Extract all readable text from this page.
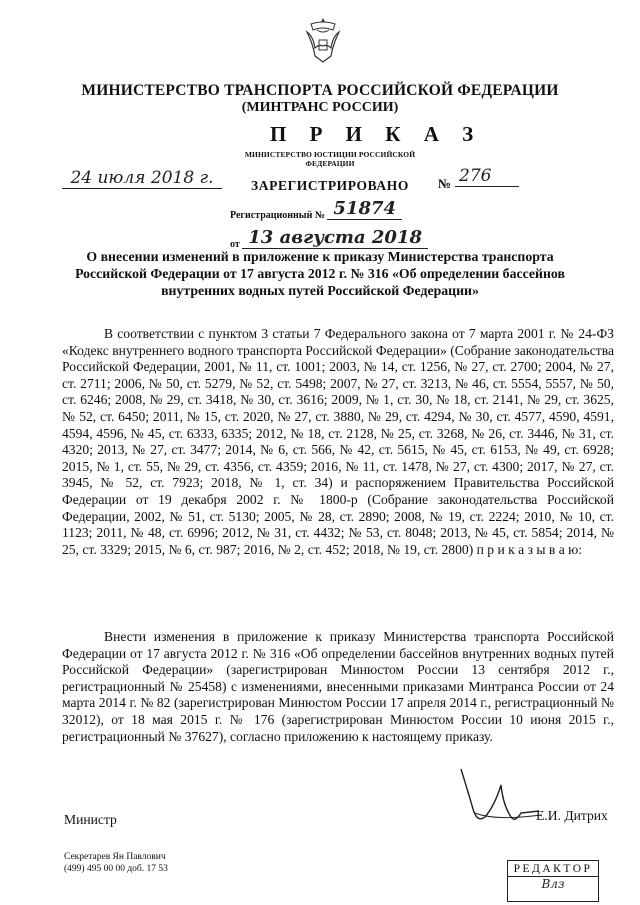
МИНИСТЕРСТВО ТРАНСПОРТА РОССИЙСКОЙ ФЕДЕРАЦИИ
(МИНТРАНС РОССИИ)
П Р И К А З
МИНИСТЕРСТВО ЮСТИЦИИ РОССИЙСКОЙ ФЕДЕРАЦИИ
ЗАРЕГИСТРИРОВАНО
Регистрационный № 51874
от 13 августа 2018
24 июля 2018 г.	№ 276
О внесении изменений в приложение к приказу Министерства транспорта Российской Федерации от 17 августа 2012 г. № 316 «Об определении бассейнов внутренних водных путей Российской Федерации»
В соответствии с пунктом 3 статьи 7 Федерального закона от 7 марта 2001 г. № 24-ФЗ «Кодекс внутреннего водного транспорта Российской Федерации» (Собрание законодательства Российской Федерации, 2001, № 11, ст. 1001; 2003, № 14, ст. 1256, № 27, ст. 2700; 2004, № 27, ст. 2711; 2006, № 50, ст. 5279, № 52, ст. 5498; 2007, № 27, ст. 3213, № 46, ст. 5554, 5557, № 50, ст. 6246; 2008, № 29, ст. 3418, № 30, ст. 3616; 2009, № 1, ст. 30, № 18, ст. 2141, № 29, ст. 3625, № 52, ст. 6450; 2011, № 15, ст. 2020, № 27, ст. 3880, № 29, ст. 4294, № 30, ст. 4577, 4590, 4591, 4594, 4596, № 45, ст. 6333, 6335; 2012, № 18, ст. 2128, № 25, ст. 3268, № 26, ст. 3446, № 31, ст. 4320; 2013, № 27, ст. 3477; 2014, № 6, ст. 566, № 42, ст. 5615, № 45, ст. 6153, № 49, ст. 6928; 2015, № 1, ст. 55, № 29, ст. 4356, ст. 4359; 2016, № 11, ст. 1478, № 27, ст. 4300; 2017, № 27, ст. 3945, № 52, ст. 7923; 2018, № 1, ст. 34) и распоряжением Правительства Российской Федерации от 19 декабря 2002 г. № 1800-р (Собрание законодательства Российской Федерации, 2002, № 51, ст. 5130; 2005, № 28, ст. 2890; 2008, № 19, ст. 2224; 2010, № 10, ст. 1123; 2011, № 48, ст. 6996; 2012, № 31, ст. 4432; № 53, ст. 8048; 2013, № 45, ст. 5854; 2014, № 25, ст. 3329; 2015, № 6, ст. 987; 2016, № 2, ст. 452; 2018, № 19, ст. 2800) п р и к а з ы в а ю:
Внести изменения в приложение к приказу Министерства транспорта Российской Федерации от 17 августа 2012 г. № 316 «Об определении бассейнов внутренних водных путей Российской Федерации» (зарегистрирован Минюстом России 13 сентября 2012 г., регистрационный № 25458) с изменениями, внесенными приказами Минтранса России от 24 марта 2014 г. № 82 (зарегистрирован Минюстом России 17 апреля 2014 г., регистрационный № 32012), от 18 мая 2015 г. № 176 (зарегистрирован Минюстом России 10 июня 2015 г., регистрационный № 37627), согласно приложению к настоящему приказу.
Министр	Е.И. Дитрих
Секретарев Ян Павлович
(499) 495 00 00 доб. 17 53	РЕДАКТОР
Влз
